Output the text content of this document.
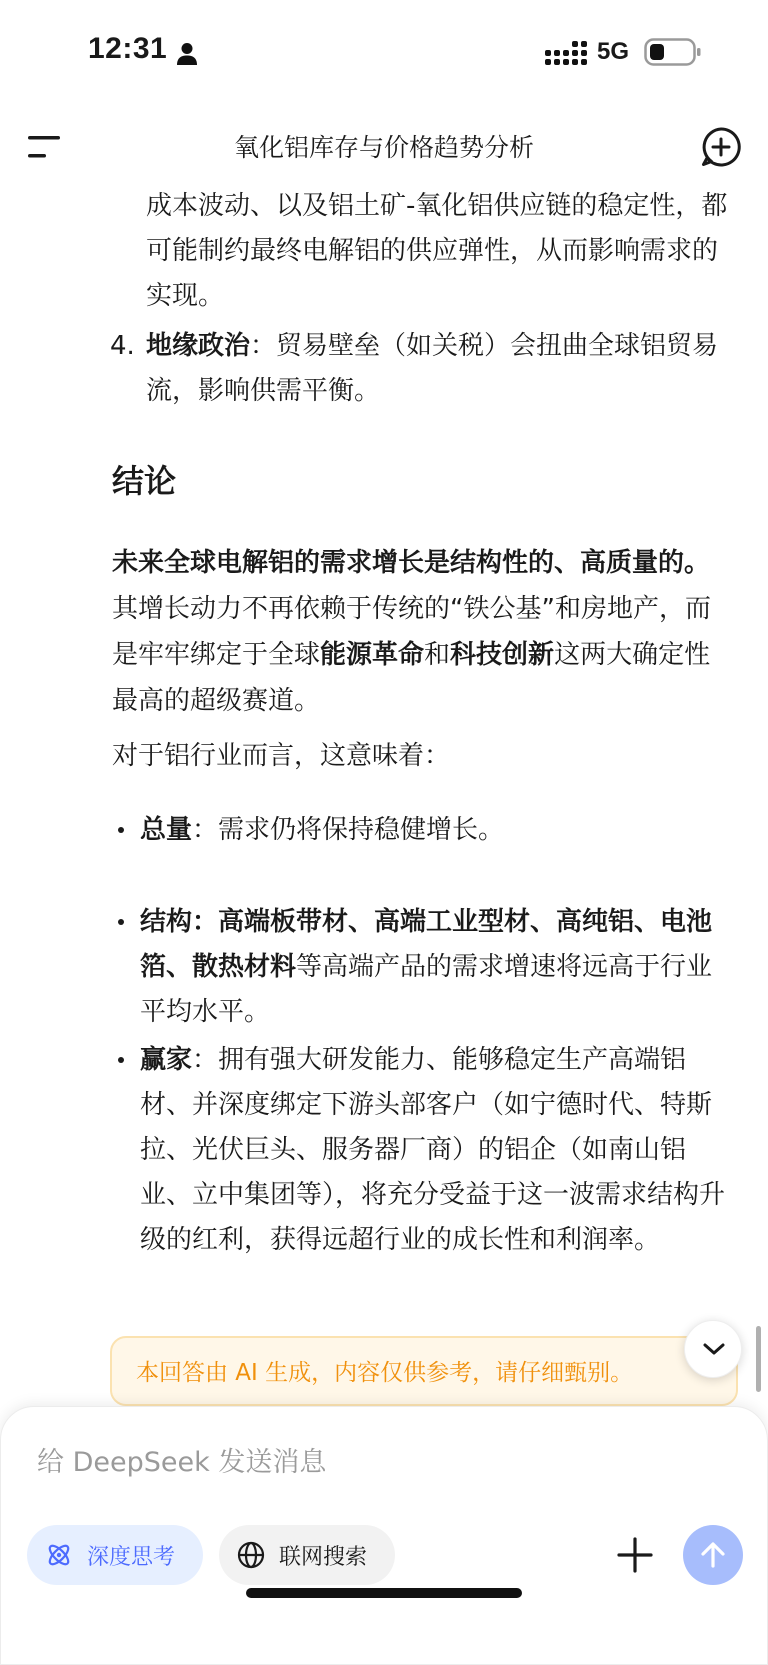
12:31	5G
氧化铝库存与价格趋势分析
成本波动、以及铝土矿-氧化铝供应链的稳定性，都可能制约最终电解铝的供应弹性，从而影响需求的实现。
4. 地缘政治：贸易壁垒（如关税）会扭曲全球铝贸易流，影响供需平衡。
结论
未来全球电解铝的需求增长是结构性的、高质量的。 其增长动力不再依赖于传统的“铁公基”和房地产，而是牢牢绑定于全球能源革命和科技创新这两大确定性最高的超级赛道。
对于铝行业而言，这意味着：
总量：需求仍将保持稳健增长。
结构：高端板带材、高端工业型材、高纯铝、电池箔、散热材料等高端产品的需求增速将远高于行业平均水平。
赢家：拥有强大研发能力、能够稳定生产高端铝材、并深度绑定下游头部客户（如宁德时代、特斯拉、光伏巨头、服务器厂商）的铝企（如南山铝业、立中集团等），将充分受益于这一波需求结构升级的红利，获得远超行业的成长性和利润率。
本回答由 AI 生成，内容仅供参考，请仔细甄别。
给 DeepSeek 发送消息
深度思考	联网搜索
